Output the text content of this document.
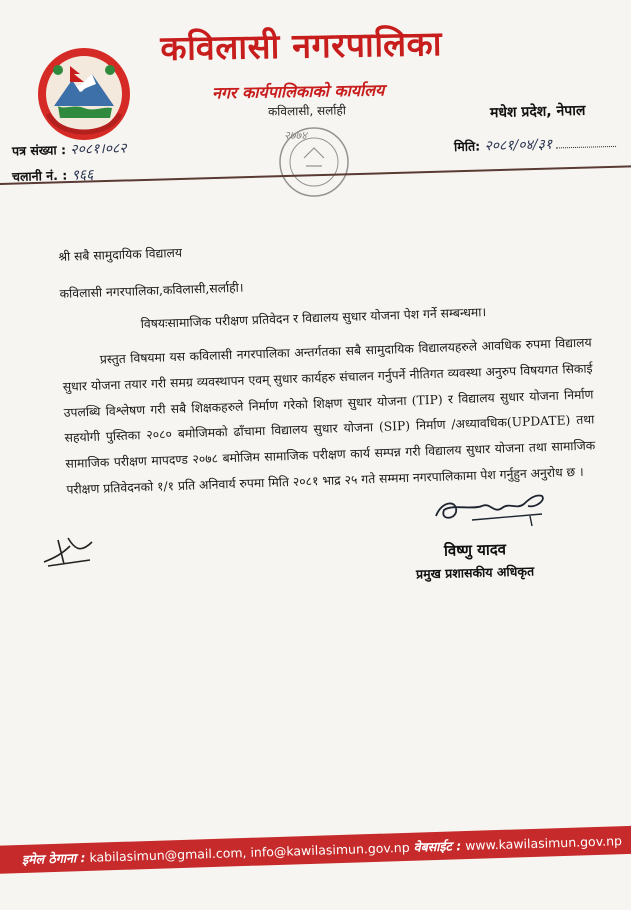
कविलासी नगरपालिका
नगर कार्यपालिकाको कार्यालय
कविलासी, सर्लाही	मधेश प्रदेश, नेपाल
पत्र संख्या : २०८१।०८२
चलानी नं. : ९६६
मिति: २०८१/०४/३१
२७७४

श्री सबै सामुदायिक विद्यालय

कविलासी नगरपालिका,कविलासी,सर्लाही।

विषयःसामाजिक परीक्षण प्रतिवेदन र विद्यालय सुधार योजना पेश गर्ने सम्बन्धमा।

प्रस्तुत विषयमा यस कविलासी नगरपालिका अन्तर्गतका सबै सामुदायिक विद्यालयहरुले आवधिक रुपमा विद्यालय सुधार योजना तयार गरी समग्र व्यवस्थापन एवम् सुधार कार्यहरु संचालन गर्नुपर्ने नीतिगत व्यवस्था अनुरुप विषयगत सिकाई उपलब्धि विश्लेषण गरी सबै शिक्षकहरुले निर्माण गरेको शिक्षण सुधार योजना (TIP) र विद्यालय सुधार योजना निर्माण सहयोगी पुस्तिका २०८० बमोजिमको ढाँचामा विद्यालय सुधार योजना (SIP) निर्माण /अध्यावधिक(UPDATE) तथा सामाजिक परीक्षण मापदण्ड २०७८ बमोजिम सामाजिक परीक्षण कार्य सम्पन्न गरी विद्यालय सुधार योजना तथा सामाजिक परीक्षण प्रतिवेदनको १/१ प्रति अनिवार्य रुपमा मिति २०८१ भाद्र २५ गते सम्ममा नगरपालिकामा पेश गर्नुहुन अनुरोध छ ।

विष्णु यादव
प्रमुख प्रशासकीय अधिकृत
इमेल ठेगाना : kabilasimun@gmail.com, info@kawilasimun.gov.np वेबसाईट : www.kawilasimun.gov.np
